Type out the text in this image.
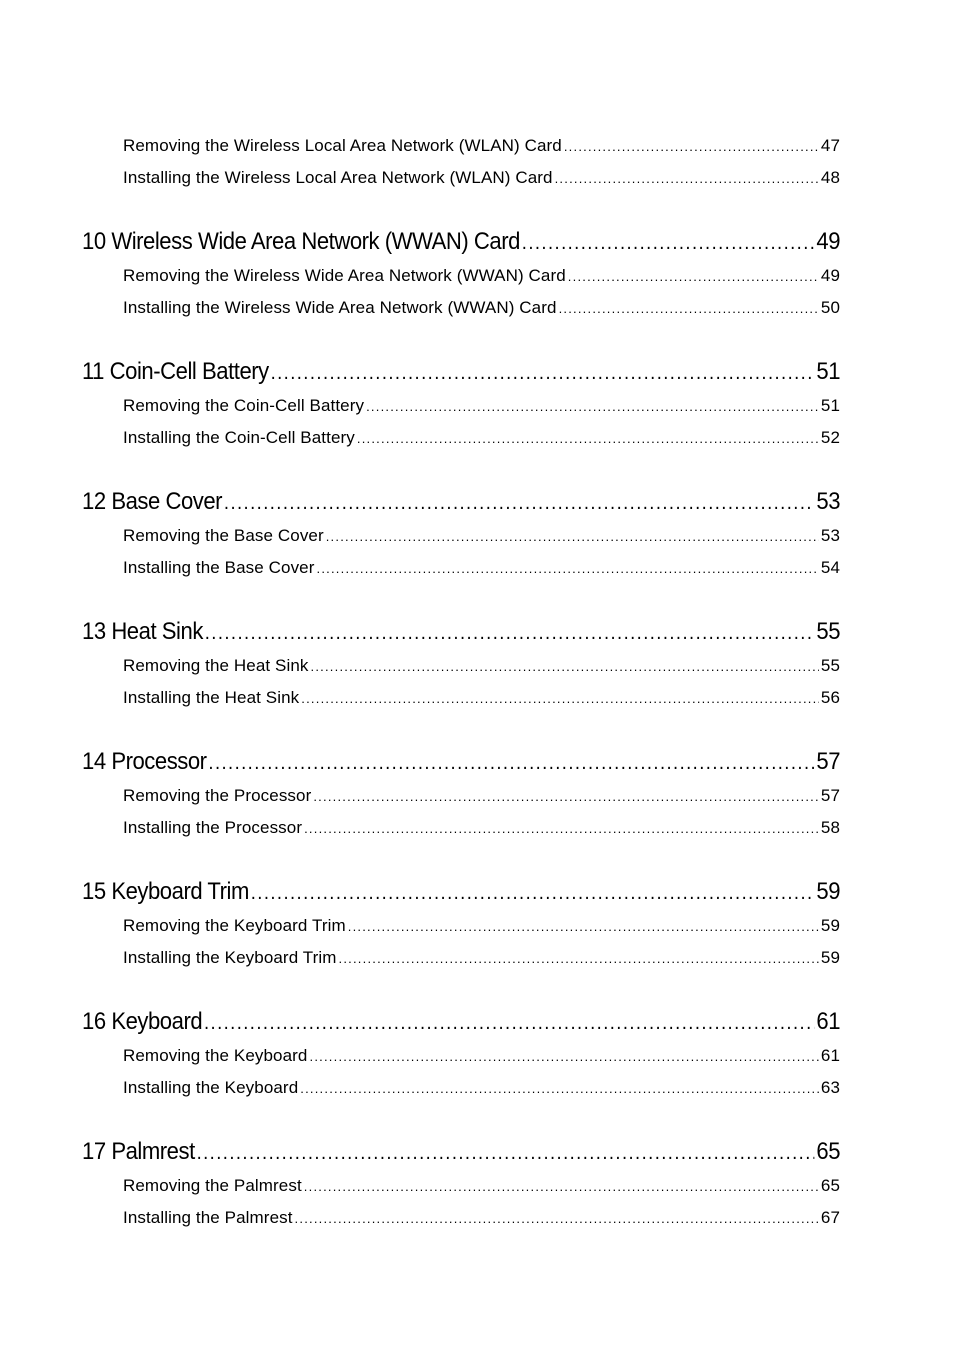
Removing the Wireless Local Area Network (WLAN) Card . . .	47
Installing the Wireless Local Area Network (WLAN) Card . . .	48
10 Wireless Wide Area Network (WWAN) Card . . .	49
Removing the Wireless Wide Area Network (WWAN) Card . . .	49
Installing the Wireless Wide Area Network (WWAN) Card . . .	50
11 Coin-Cell Battery . . .	51
Removing the Coin-Cell Battery . . .	51
Installing the Coin-Cell Battery . . .	52
12 Base Cover . . .	53
Removing the Base Cover . . .	53
Installing the Base Cover . . .	54
13 Heat Sink . . .	55
Removing the Heat Sink . . .	55
Installing the Heat Sink . . .	56
14 Processor . . .	57
Removing the Processor . . .	57
Installing the Processor . . .	58
15 Keyboard Trim . . .	59
Removing the Keyboard Trim . . .	59
Installing the Keyboard Trim . . .	59
16 Keyboard . . .	61
Removing the Keyboard . . .	61
Installing the Keyboard . . .	63
17 Palmrest . . .	65
Removing the Palmrest . . .	65
Installing the Palmrest . . .	67
